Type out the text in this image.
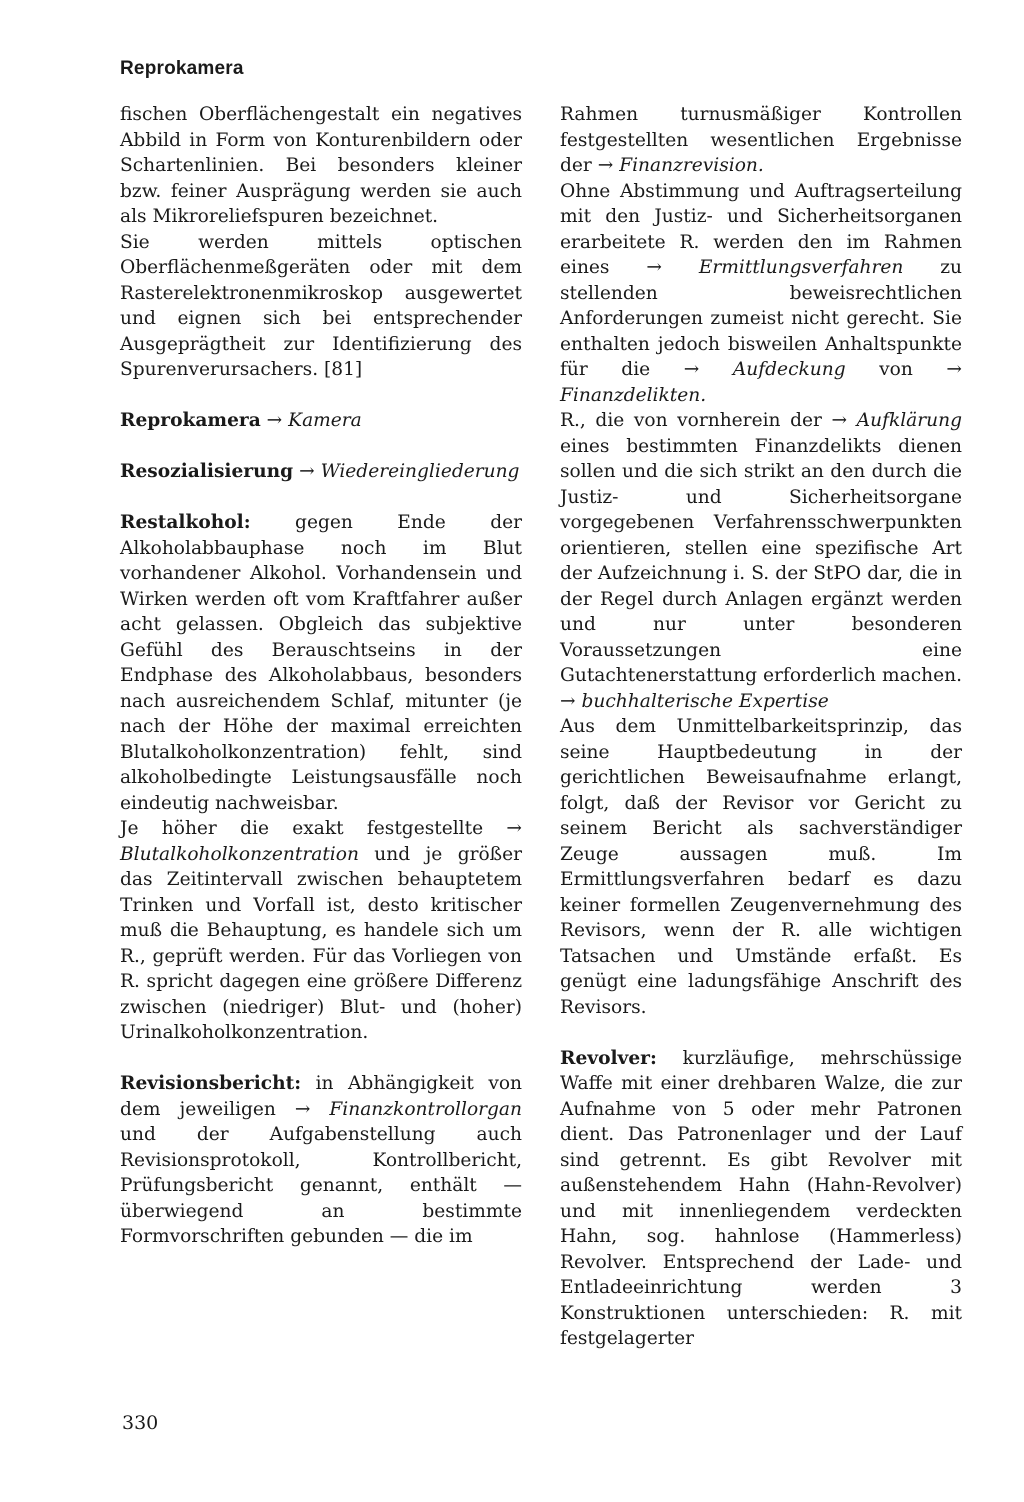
Reprokamera

fischen Oberflächengestalt ein negatives Abbild in Form von Konturenbildern oder Schartenlinien. Bei besonders kleiner bzw. feiner Ausprägung werden sie auch als Mikroreliefspuren bezeichnet.

Sie werden mittels optischen Oberflächenmeßgeräten oder mit dem Rasterelektronenmikroskop ausgewertet und eignen sich bei entsprechender Ausgeprägtheit zur Identifizierung des Spurenverursachers. [81]

Reprokamera → Kamera

Resozialisierung → Wiedereingliederung

Restalkohol: gegen Ende der Alkoholabbauphase noch im Blut vorhandener Alkohol. Vorhandensein und Wirken werden oft vom Kraftfahrer außer acht gelassen. Obgleich das subjektive Gefühl des Berauschtseins in der Endphase des Alkoholabbaus, besonders nach ausreichendem Schlaf, mitunter (je nach der Höhe der maximal erreichten Blutalkoholkonzentration) fehlt, sind alkoholbedingte Leistungsausfälle noch eindeutig nachweisbar.

Je höher die exakt festgestellte → Blutalkoholkonzentration und je größer das Zeitintervall zwischen behauptetem Trinken und Vorfall ist, desto kritischer muß die Behauptung, es handele sich um R., geprüft werden. Für das Vorliegen von R. spricht dagegen eine größere Differenz zwischen (niedriger) Blut- und (hoher) Urinalkoholkonzentration.

Revisionsbericht: in Abhängigkeit von dem jeweiligen → Finanzkontrollorgan und der Aufgabenstellung auch Revisionsprotokoll, Kontrollbericht, Prüfungsbericht genannt, enthält — überwiegend an bestimmte Formvorschriften gebunden — die im

Rahmen turnusmäßiger Kontrollen festgestellten wesentlichen Ergebnisse der → Finanzrevision.

Ohne Abstimmung und Auftragserteilung mit den Justiz- und Sicherheitsorganen erarbeitete R. werden den im Rahmen eines → Ermittlungsverfahren zu stellenden beweisrechtlichen Anforderungen zumeist nicht gerecht. Sie enthalten jedoch bisweilen Anhaltspunkte für die → Aufdeckung von → Finanzdelikten.

R., die von vornherein der → Aufklärung eines bestimmten Finanzdelikts dienen sollen und die sich strikt an den durch die Justiz- und Sicherheitsorgane vorgegebenen Verfahrensschwerpunkten orientieren, stellen eine spezifische Art der Aufzeichnung i. S. der StPO dar, die in der Regel durch Anlagen ergänzt werden und nur unter besonderen Voraussetzungen eine Gutachtenerstattung erforderlich machen. → buchhalterische Expertise

Aus dem Unmittelbarkeitsprinzip, das seine Hauptbedeutung in der gerichtlichen Beweisaufnahme erlangt, folgt, daß der Revisor vor Gericht zu seinem Bericht als sachverständiger Zeuge aussagen muß. Im Ermittlungsverfahren bedarf es dazu keiner formellen Zeugenvernehmung des Revisors, wenn der R. alle wichtigen Tatsachen und Umstände erfaßt. Es genügt eine ladungsfähige Anschrift des Revisors.

Revolver: kurzläufige, mehrschüssige Waffe mit einer drehbaren Walze, die zur Aufnahme von 5 oder mehr Patronen dient. Das Patronenlager und der Lauf sind getrennt. Es gibt Revolver mit außenstehendem Hahn (Hahn-Revolver) und mit innenliegendem verdeckten Hahn, sog. hahnlose (Hammerless) Revolver. Entsprechend der Lade- und Entladeeinrichtung werden 3 Konstruktionen unterschieden: R. mit festgelagerter

330
